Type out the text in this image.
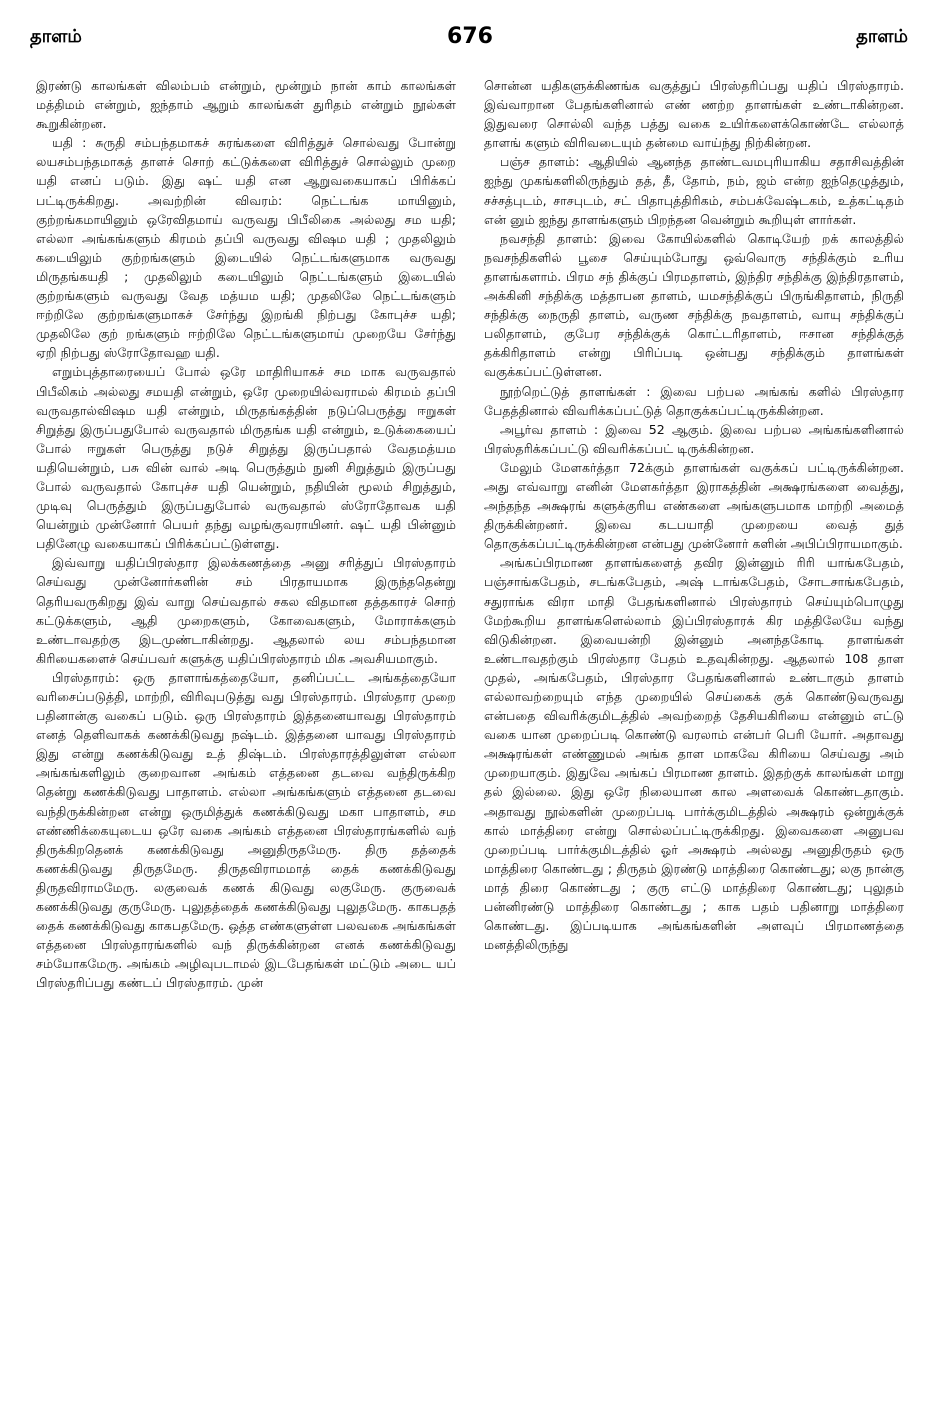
தாளம்	676	தாளம்

இரண்டு காலங்கள் விலம்பம் என்றும், மூன்றும் நான் காம் காலங்கள் மத்திமம் என்றும், ஐந்தாம் ஆறும் காலங்கள் துரிதம் என்றும் நூல்கள் கூறுகின்றன.

யதி : சுருதி சம்பந்தமாகச் சுரங்களை விரித்துச் சொல்வது போன்று லயசம்பந்தமாகத் தாளச் சொற் கட்டுக்களை விரித்துச் சொல்லும் முறை யதி எனப் படும். இது ஷட் யதி என ஆறுவகையாகப் பிரிக்கப் பட்டிருக்கிறது. அவற்றின் விவரம்: நெட்டங்க மாயினும், குற்றங்கமாயினும் ஒரேவிதமாய் வருவது பிபீலிகை அல்லது சம யதி; எல்லா அங்கங்களும் கிரமம் தப்பி வருவது விஷம யதி ; முதலிலும் கடையிலும் குற்றங்களும் இடையில் நெட்டங்களுமாக வருவது மிருதங்கயதி ; முதலிலும் கடையிலும் நெட்டங்களும் இடையில் குற்றங்களும் வருவது வேத மத்யம யதி; முதலிலே நெட்டங்களும் ஈற்றிலே குற்றங்களுமாகச் சேர்ந்து இறங்கி நிற்பது கோபுச்ச யதி; முதலிலே குற் றங்களும் ஈற்றிலே நெட்டங்களுமாய் முறையே சேர்ந்து ஏறி நிற்பது ஸ்ரோதோவஹ யதி.

எறும்புத்தாரையைப் போல் ஒரே மாதிரியாகச் சம மாக வருவதால் பிபீலிகம் அல்லது சமயதி என்றும், ஒரே முறையில்வராமல் கிரமம் தப்பி வருவதால்விஷம யதி என்றும், மிருதங்கத்தின் நடுப்பெருத்து ஈறுகள் சிறுத்து இருப்பதுபோல் வருவதால் மிருதங்க யதி என்றும், உடுக்கையைப் போல் ஈறுகள் பெருத்து நடுச் சிறுத்து இருப்பதால் வேதமத்யம யதியென்றும், பசு வின் வால் அடி பெருத்தும் நுனி சிறுத்தும் இருப்பது போல் வருவதால் கோபுச்ச யதி யென்றும், நதியின் மூலம் சிறுத்தும், முடிவு பெருத்தும் இருப்பதுபோல் வருவதால் ஸ்ரோதோவக யதி யென்றும் முன்னோர் பெயர் தந்து வழங்குவராயினர். ஷட் யதி பின்னும் பதினேழு வகையாகப் பிரிக்கப்பட்டுள்ளது.

இவ்வாறு யதிப்பிரஸ்தார இலக்கணத்தை அனு சரித்துப் பிரஸ்தாரம் செய்வது முன்னோர்களின் சம் பிரதாயமாக இருந்ததென்று தெரியவருகிறது இவ் வாறு செய்வதால் சகல விதமான தத்தகாரச் சொற் கட்டுக்களும், ஆதி முறைகளும், கோவைகளும், மோராக்களும் உண்டாவதற்கு இடமுண்டாகின்றது. ஆதலால் லய சம்பந்தமான கிரியைகளைச் செய்பவர் களுக்கு யதிப்பிரஸ்தாரம் மிக அவசியமாகும்.

பிரஸ்தாரம்: ஒரு தாளாங்கத்தையோ, தனிப்பட்ட அங்கத்தையோ வரிசைப்படுத்தி, மாற்றி, விரிவுபடுத்து வது பிரஸ்தாரம். பிரஸ்தார முறை பதினான்கு வகைப் படும். ஒரு பிரஸ்தாரம் இத்தனையாவது பிரஸ்தாரம் எனத் தெளிவாகக் கணக்கிடுவது நஷ்டம். இத்தனை யாவது பிரஸ்தாரம் இது என்று கணக்கிடுவது உத் திஷ்டம். பிரஸ்தாரத்திலுள்ள எல்லா அங்கங்களிலும் குறைவான அங்கம் எத்தனை தடவை வந்திருக்கிற தென்று கணக்கிடுவது பாதாளம். எல்லா அங்கங்களும் எத்தனை தடவை வந்திருக்கின்றன என்று ஒருமித்துக் கணக்கிடுவது மகா பாதாளம், சம எண்ணிக்கையுடைய ஒரே வகை அங்கம் எத்தனை பிரஸ்தாரங்களில் வந் திருக்கிறதெனக் கணக்கிடுவது அனுதிருதமேரு. திரு தத்தைக் கணக்கிடுவது திருதமேரு. திருதவிராமமாத் தைக் கணக்கிடுவது திருதவிராமமேரு. லகுவைக் கணக் கிடுவது லகுமேரு. குருவைக் கணக்கிடுவது குருமேரு. புலுதத்தைக் கணக்கிடுவது புலுதமேரு. காகபதத் தைக் கணக்கிடுவது காகபதமேரு. ஒத்த எண்களுள்ள பலவகை அங்கங்கள் எத்தனை பிரஸ்தாரங்களில் வந் திருக்கின்றன எனக் கணக்கிடுவது சம்யோகமேரு. அங்கம் அழிவுபடாமல் இடபேதங்கள் மட்டும் அடை யப் பிரஸ்தரிப்பது கண்டப் பிரஸ்தாரம். முன்

சொன்ன யதிகளுக்கிணங்க வகுத்துப் பிரஸ்தரிப்பது யதிப் பிரஸ்தாரம். இவ்வாறான பேதங்களினால் எண் ணற்ற தாளங்கள் உண்டாகின்றன. இதுவரை சொல்லி வந்த பத்து வகை உயிர்களைக்கொண்டே எல்லாத் தாளங் களும் விரிவடையும் தன்மை வாய்ந்து நிற்கின்றன.

பஞ்ச தாளம்: ஆதியில் ஆனந்த தாண்டவமபுரியாகிய சதாசிவத்தின் ஐந்து முகங்களிலிருந்தும் தத், தீ, தோம், நம், ஜம் என்ற ஐந்தெழுத்தும், சச்சத்புடம், சாசபுடம், சட் பிதாபுத்திரிகம், சம்பக்வேஷ்டகம், உத்கட்டிதம் என் னும் ஐந்து தாளங்களும் பிறந்தன வென்றும் கூறியுள் ளார்கள்.

நவசந்தி தாளம்: இவை கோயில்களில் கொடியேற் றக் காலத்தில் நவசந்திகளில் பூசை செய்யும்போது ஒவ்வொரு சந்திக்கும் உரிய தாளங்களாம். பிரம சந் திக்குப் பிரமதாளம், இந்திர சந்திக்கு இந்திரதாளம், அக்கினி சந்திக்கு மத்தாபன தாளம், யமசந்திக்குப் பிருங்கிதாளம், நிருதி சந்திக்கு நைருதி தாளம், வருண சந்திக்கு நவதாளம், வாயு சந்திக்குப் பலிதாளம், குபேர சந்திக்குக் கொட்டரிதாளம், ஈசான சந்திக்குத் தக்கிரிதாளம் என்று பிரிப்படி ஒன்பது சந்திக்கும் தாளங்கள் வகுக்கப்பட்டுள்ளன.

நூற்றெட்டுத் தாளங்கள் : இவை பற்பல அங்கங் களில் பிரஸ்தார பேதத்தினால் விவரிக்கப்பட்டுத் தொகுக்கப்பட்டிருக்கின்றன.

அபூர்வ தாளம் : இவை 52 ஆகும். இவை பற்பல அங்கங்களினால் பிரஸ்தரிக்கப்பட்டு விவரிக்கப்பட் டிருக்கின்றன.

மேலும் மேளகர்த்தா 72க்கும் தாளங்கள் வகுக்கப் பட்டிருக்கின்றன. அது எவ்வாறு எனின் மேளகர்த்தா இராகத்தின் அக்ஷரங்களை வைத்து, அந்தந்த அக்ஷரங் களுக்குரிய எண்களை அங்களுபமாக மாற்றி அமைத் திருக்கின்றனர். இவை கடபயாதி முறையை வைத் துத் தொகுக்கப்பட்டிருக்கின்றன என்பது முன்னோர் களின் அபிப்பிராயமாகும்.

அங்கப்பிரமாண தாளங்களைத் தவிர இன்னும் ரிரி யாங்கபேதம், பஞ்சாங்கபேதம், சடங்கபேதம், அஷ் டாங்கபேதம், சோடசாங்கபேதம், சதுராங்க விரா மாதி பேதங்களினால் பிரஸ்தாரம் செய்யும்பொழுது மேற்கூறிய தாளங்களெல்லாம் இப்பிரஸ்தாரக் கிர மத்திலேயே வந்து விடுகின்றன. இவையன்றி இன்னும் அனந்தகோடி தாளங்கள் உண்டாவதற்கும் பிரஸ்தார பேதம் உதவுகின்றது. ஆதலால் 108 தாள முதல், அங்கபேதம், பிரஸ்தார பேதங்களினால் உண்டாகும் தாளம் எல்லாவற்றையும் எந்த முறையில் செய்கைக் குக் கொண்டுவருவது என்பதை விவரிக்குமிடத்தில் அவற்றைத் தேசியகிரியை என்னும் எட்டு வகை யான முறைப்படி கொண்டு வரலாம் என்பர் பெரி யோர். அதாவது அக்ஷரங்கள் எண்ணுமல் அங்க தாள மாகவே கிரியை செய்வது அம் முறையாகும். இதுவே அங்கப் பிரமாண தாளம். இதற்குக் காலங்கள் மாறு தல் இல்லை. இது ஒரே நிலையான கால அளவைக் கொண்டதாகும். அதாவது நூல்களின் முறைப்படி பார்க்குமிடத்தில் அக்ஷரம் ஒன்றுக்குக் கால் மாத்திரை என்று சொல்லப்பட்டிருக்கிறது. இவைகளை அனுபவ முறைப்படி பார்க்குமிடத்தில் ஓர் அக்ஷரம் அல்லது அனுதிருதம் ஒரு மாத்திரை கொண்டது ; திருதம் இரண்டு மாத்திரை கொண்டது; லகு நான்கு மாத் திரை கொண்டது ; குரு எட்டு மாத்திரை கொண்டது; புலுதம் பன்னிரண்டு மாத்திரை கொண்டது ; காக பதம் பதினாறு மாத்திரை கொண்டது. இப்படியாக அங்கங்களின் அளவுப் பிரமாணத்தை மனத்திலிருந்து
